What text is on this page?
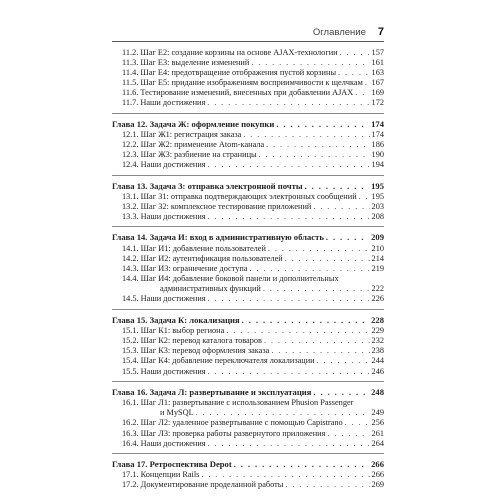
Оглавление 7
11.2. Шаг E2: создание корзины на основе AJAX-технологии . . .	157
11.3. Шаг E3: выделение изменений . . .	161
11.4. Шаг E4: предотвращение отображения пустой корзины . . .	163
11.5. Шаг E5: придание изображениям восприимчивости к щелчкам . . . 167
11.6. Тестирование изменений, внесенных при добавлении AJAX . . . 169
11.7. Наши достижения . . .	172
Глава 12. Задача Ж: оформление покупки . . .	174
12.1. Шаг Ж1: регистрация заказа . . .	174
12.2. Шаг Ж2: применение Atom-канала . . .	186
12.3. Шаг Ж3: разбиение на страницы . . .	190
12.4. Наши достижения . . .	194
Глава 13. Задача З: отправка электронной почты . . .	195
13.1. Шаг З1: отправка подтверждающих электронных сообщений . . . 195
13.2. Шаг З2: комплексное тестирование приложений . . .	203
13.3. Наши достижения . . .	208
Глава 14. Задача И: вход в административную область . . .	209
14.1. Шаг И1: добавление пользователей . . .	210
14.2. Шаг И2: аутентификация пользователей . . .	214
14.3. Шаг И3: ограничение доступа . . .	219
14.4. Шаг И4: добавление боковой панели и дополнительных
административных функций . . .	222
14.5. Наши достижения . . .	226
Глава 15. Задача К: локализация . . .	228
15.1. Шаг К1: выбор региона . . .	229
15.2. Шаг К2: перевод каталога товаров . . .	232
15.3. Шаг К3: перевод оформления заказа . . .	238
15.4. Шаг К4: добавление переключателя локализации . . .	244
15.5. Наши достижения . . .	246
Глава 16. Задача Л: развертывание и эксплуатация . . .	248
16.1. Шаг Л1: развертывание с использованием Phusion Passenger
и MySQL . . .	249
16.2. Шаг Л2: удаленное развертывание с помощью Capistrano . . .	256
16.3. Шаг Л3: проверка работы развернутого приложения . . .	261
16.4. Наши достижения . . .	264
Глава 17. Ретроспектива Depot . . .	266
17.1. Концепции Rails . . .	266
17.2. Документирование проделанной работы . . .	269
